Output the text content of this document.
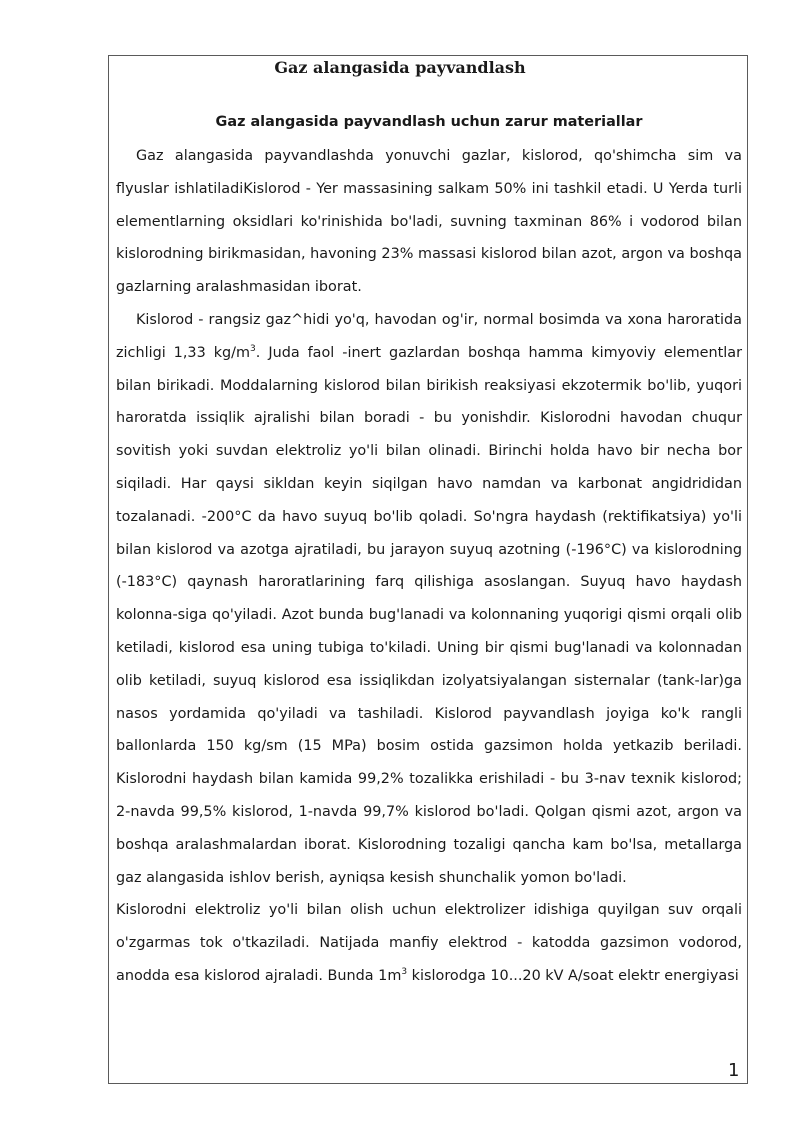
Gaz alangasida payvandlash
Gaz alangasida payvandlash uchun zarur materiallar

Gaz alangasida payvandlashda yonuvchi gazlar, kislorod, qo'shimcha sim va flyuslar ishlatiladiKislorod - Yer massasining salkam 50% ini tashkil etadi. U Yerda turli elementlarning oksidlari ko'rinishida bo'ladi, suvning taxminan 86% i vodorod bilan kislorodning birikmasidan, havoning 23% massasi kislorod bilan azot, argon va boshqa gazlarning aralashmasidan iborat.

Kislorod - rangsiz gaz^hidi yo'q, havodan og'ir, normal bosimda va xona haroratida zichligi 1,33 $kg/m^3$. Juda faol -inert gazlardan boshqa hamma kimyoviy elementlar bilan birikadi. Moddalarning kislorod bilan birikish reaksiyasi ekzotermik bo'lib, yuqori haroratda issiqlik ajralishi bilan boradi - bu yonishdir. Kislorodni havodan chuqur sovitish yoki suvdan elektroliz yo'li bilan olinadi. Birinchi holda havo bir necha bor siqiladi. Har qaysi sikldan keyin siqilgan havo namdan va karbonat angidrididan tozalanadi. -200°C da havo suyuq bo'lib qoladi. So'ngra haydash (rektifikatsiya) yo'li bilan kislorod va azotga ajratiladi, bu jarayon suyuq azotning (-196°C) va kislorodning (-183°C) qaynash haroratlarining farq qilishiga asoslangan. Suyuq havo haydash kolonna-siga qo'yiladi. Azot bunda bug'lanadi va kolonnaning yuqorigi qismi orqali olib ketiladi, kislorod esa uning tubiga to'kiladi. Uning bir qismi bug'lanadi va kolonnadan olib ketiladi, suyuq kislorod esa issiqlikdan izolyatsiyalangan sisternalar (tank-lar)ga nasos yordamida qo'yiladi va tashiladi. Kislorod payvandlash joyiga ko'k rangli ballonlarda 150 kg/sm (15 MPa) bosim ostida gazsimon holda yetkazib beriladi. Kislorodni haydash bilan kamida 99,2% tozalikka erishiladi - bu 3-nav texnik kislorod; 2-navda 99,5% kislorod, 1-navda 99,7% kislorod bo'ladi. Qolgan qismi azot, argon va boshqa aralashmalardan iborat. Kislorodning tozaligi qancha kam bo'lsa, metallarga gaz alangasida ishlov berish, ayniqsa kesish shunchalik yomon bo'ladi.

Kislorodni elektroliz yo'li bilan olish uchun elektrolizer idishiga quyilgan suv orqali o'zgarmas tok o'tkaziladi. Natijada manfiy elektrod - katodda gazsimon vodorod, anodda esa kislorod ajraladi. Bunda $1m^3$ kislorodga 10...20 kV A/soat elektr energiyasi

1
